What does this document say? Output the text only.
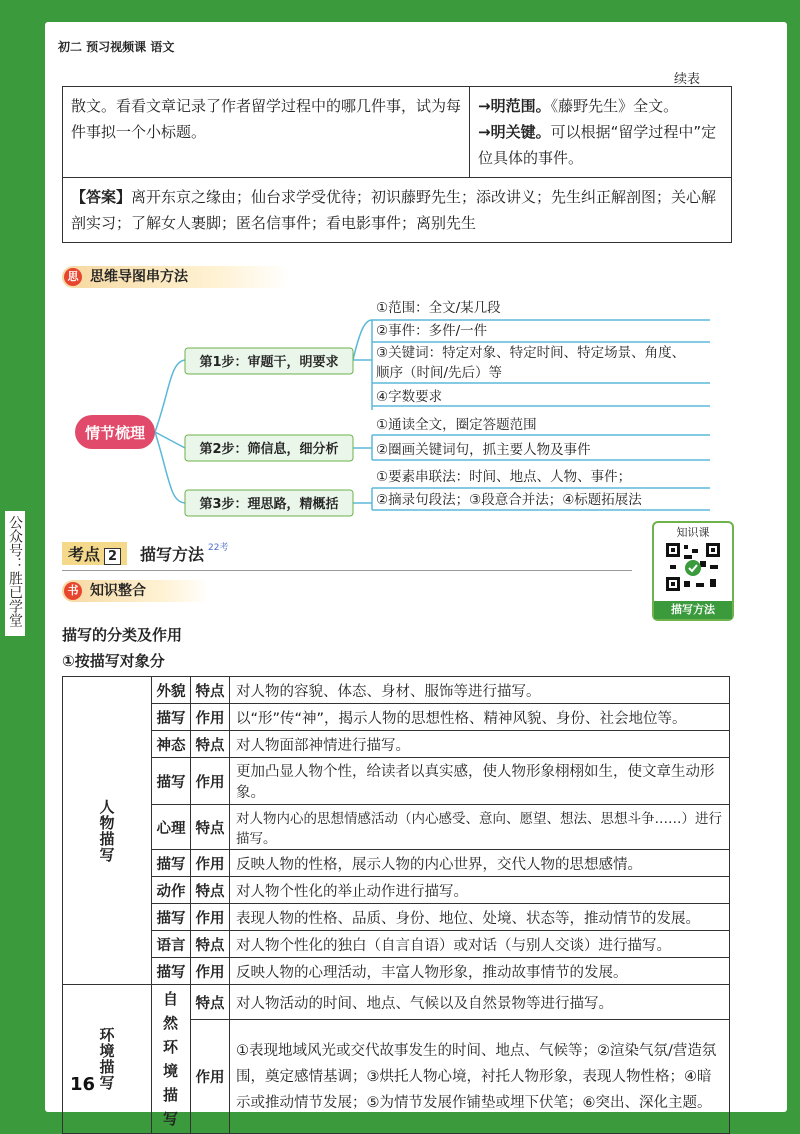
初二 预习视频课 语文
续表
公众号：胜已学堂
散文。看看文章记录了作者留学过程中的哪几件事，试为每件事拟一个小标题。	
→明范围。《藤野先生》全文。
→明关键。可以根据“留学过程中”定位具体的事件。

【答案】离开东京之缘由；仙台求学受优待；初识藤野先生；添改讲义；先生纠正解剖图；关心解剖实习；了解女人裹脚；匿名信事件；看电影事件；离别先生
思 思维导图串方法
情节梳理
第1步：审题干，明要求
第2步：筛信息，细分析
第3步：理思路，精概括
①范围：全文/某几段
②事件：多件/一件
③关键词：特定对象、特定时间、特定场景、角度、
顺序（时间/先后）等
④字数要求
①通读全文，圈定答题范围
②圈画关键词句，抓主要人物及事件
①要素串联法：时间、地点、人物、事件；
②摘录句段法；③段意合并法；④标题拓展法
考点 2	描写方法 22考
知识课
描写方法
书 知识整合
描写的分类及作用
①按描写对象分
人物描写	外貌	特点	对人物的容貌、体态、身材、服饰等进行描写。
	描写	作用	以“形”传“神”，揭示人物的思想性格、精神风貌、身份、社会地位等。
	神态	特点	对人物面部神情进行描写。
	描写	作用	更加凸显人物个性，给读者以真实感，使人物形象栩栩如生，使文章生动形象。
	心理	特点	对人物内心的思想情感活动（内心感受、意向、愿望、想法、思想斗争……）进行描写。
	描写	作用	反映人物的性格，展示人物的内心世界，交代人物的思想感情。
	动作	特点	对人物个性化的举止动作进行描写。
	描写	作用	表现人物的性格、品质、身份、地位、处境、状态等，推动情节的发展。
	语言	特点	对人物个性化的独白（自言自语）或对话（与别人交谈）进行描写。
	描写	作用	反映人物的心理活动，丰富人物形象，推动故事情节的发展。

环境描写	自然环境描写	特点	对人物活动的时间、地点、气候以及自然景物等进行描写。
		作用	①表现地域风光或交代故事发生的时间、地点、气候等；②渲染气氛/营造氛围，奠定感情基调；③烘托人物心境，衬托人物形象，表现人物性格；④暗示或推动情节发展；⑤为情节发展作铺垫或埋下伏笔；⑥突出、深化主题。
16
